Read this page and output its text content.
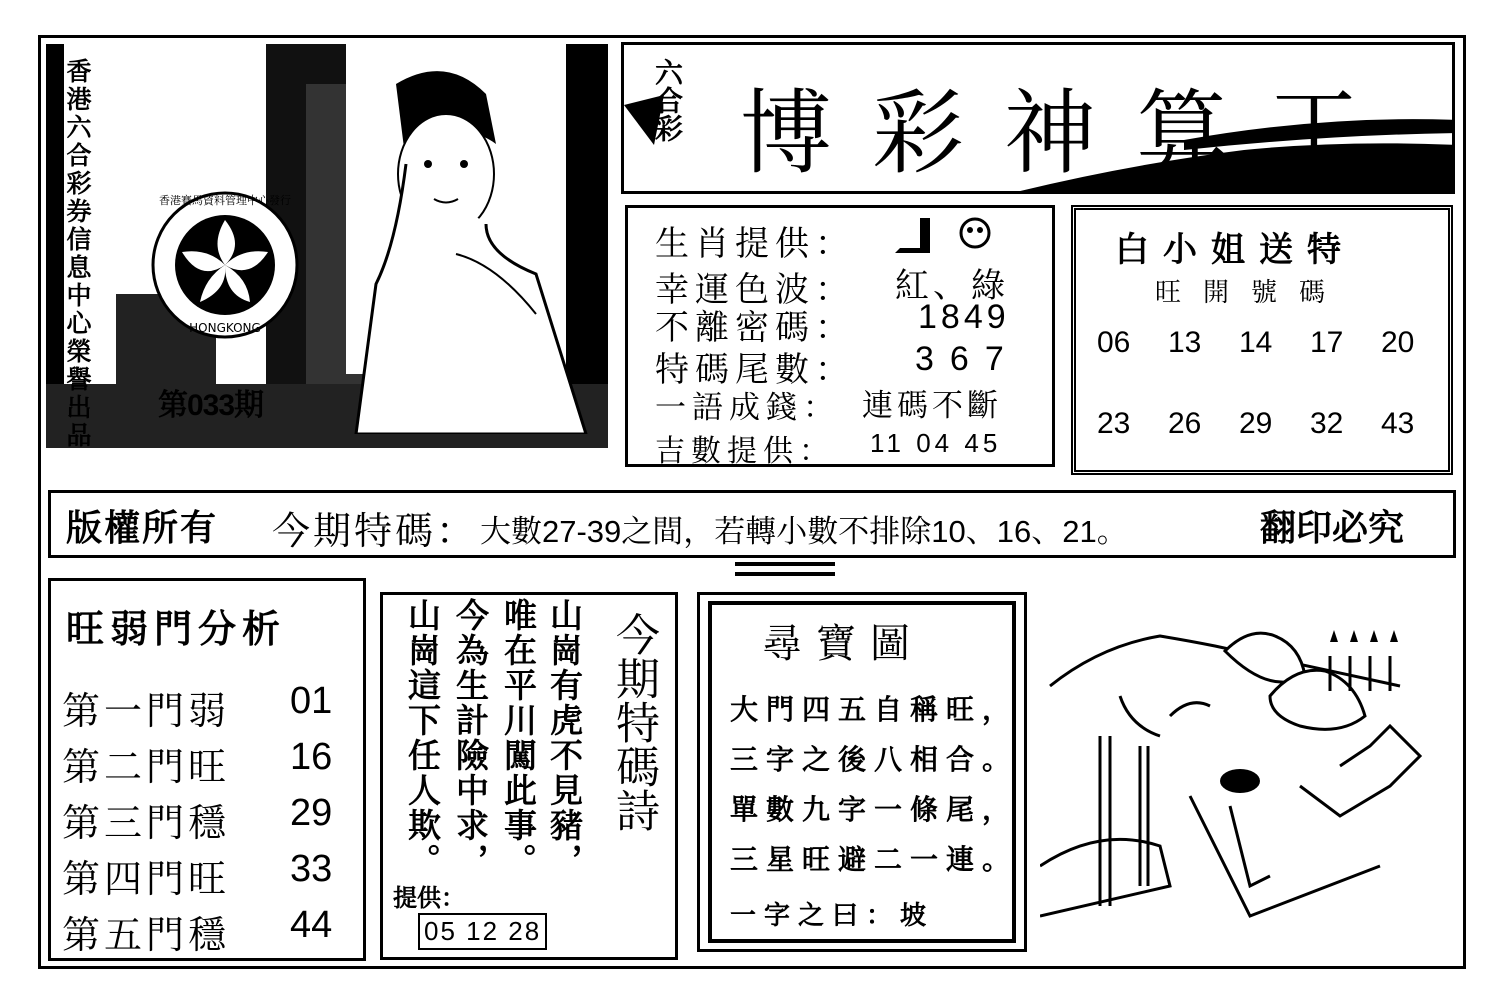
香港六合彩券信息中心榮譽出品	香港賽馬資料管理中心發行
HONGKONG
第033期
六合彩 博彩神算王
生肖提供：
幸運色波： 紅、綠
不離密碼： 1849
特碼尾數： 367
一語成錢： 連碼不斷
吉數提供： 11 04 45
白小姐送特
旺開號碼
06 13 14 17 20
23 26 29 32 43
版權所有 今期特碼： 大數27-39之間，若轉小數不排除10、16、21。	翻印必究
旺弱門分析
第一門弱 01
第二門旺 16
第三門穩 29
第四門旺 33
第五門穩 44
山崗有虎不見豬，
唯在平川闖此事。
今為生計險中求，
山崗這下任人欺。
提供：
05 12 28
今期特碼詩	尋寶圖
大門四五自稱旺，
三字之後八相合。
單數九字一條尾，
三星旺避二一連。
一字之曰：坡
